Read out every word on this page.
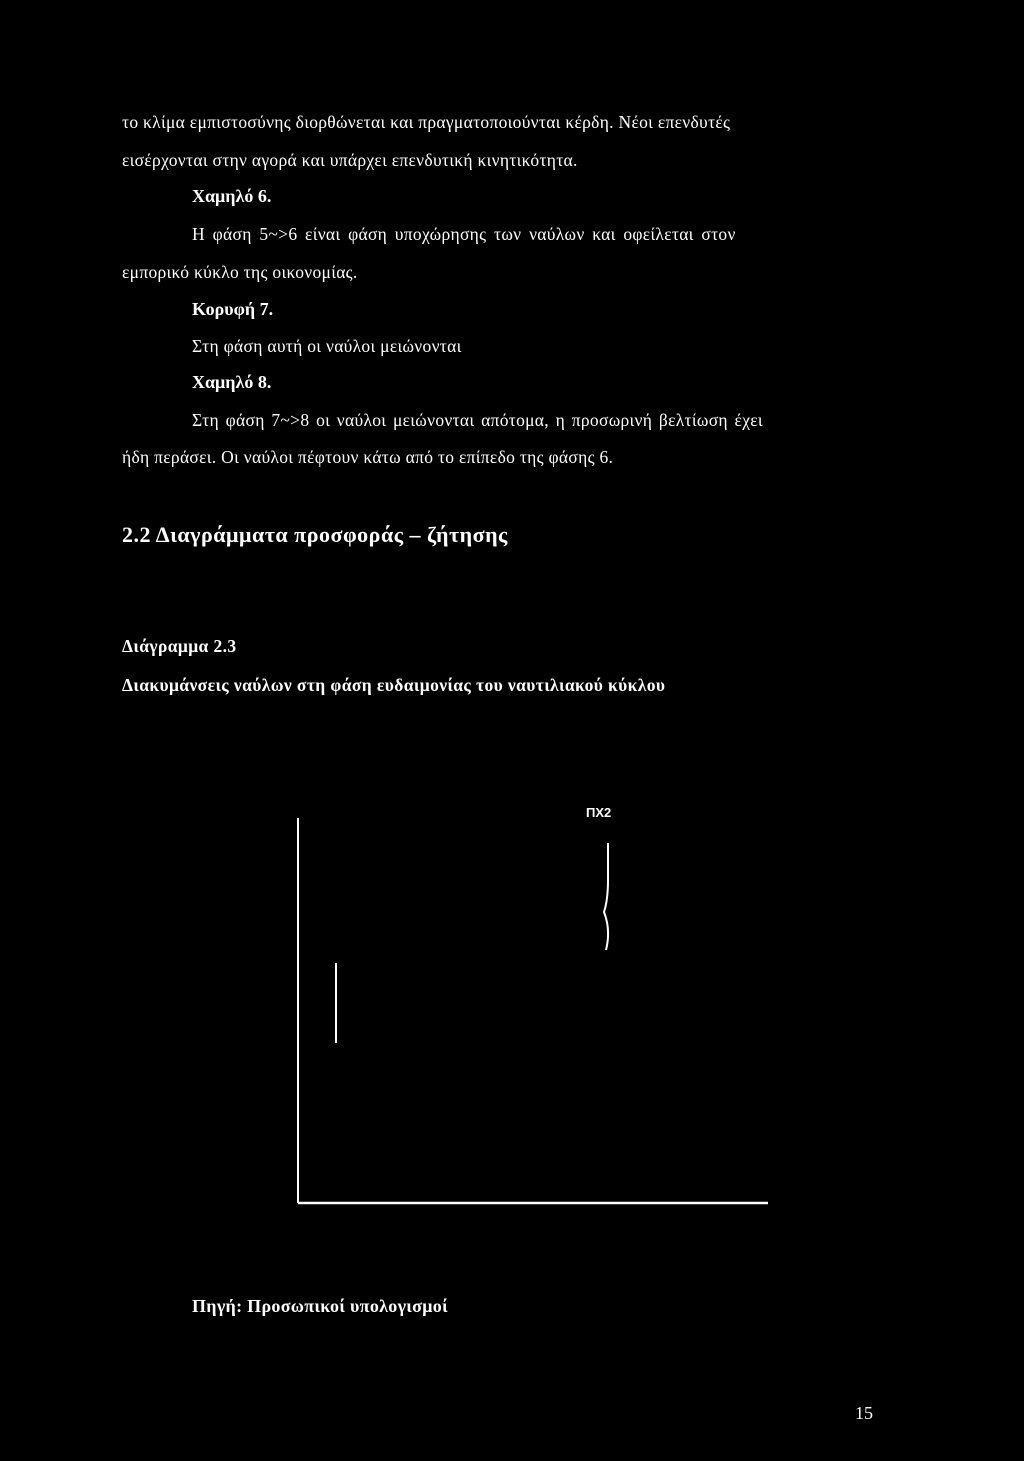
το κλίμα εμπιστοσύνης διορθώνεται και πραγματοποιούνται κέρδη. Νέοι επενδυτές
εισέρχονται στην αγορά και υπάρχει επενδυτική κινητικότητα.
Χαμηλό 6.
Η φάση 5~>6 είναι φάση υποχώρησης των ναύλων και οφείλεται στον
εμπορικό κύκλο της οικονομίας.
Κορυφή 7.
Στη φάση αυτή οι ναύλοι μειώνονται
Χαμηλό 8.
Στη φάση 7~>8 οι ναύλοι μειώνονται απότομα, η προσωρινή βελτίωση έχει
ήδη περάσει. Οι ναύλοι πέφτουν κάτω από το επίπεδο της φάσης 6.
2.2 Διαγράμματα προσφοράς – ζήτησης
Διάγραμμα 2.3
Διακυμάνσεις ναύλων στη φάση ευδαιμονίας του ναυτιλιακού κύκλου
ΠΧ2
Πηγή: Προσωπικοί υπολογισμοί
15
